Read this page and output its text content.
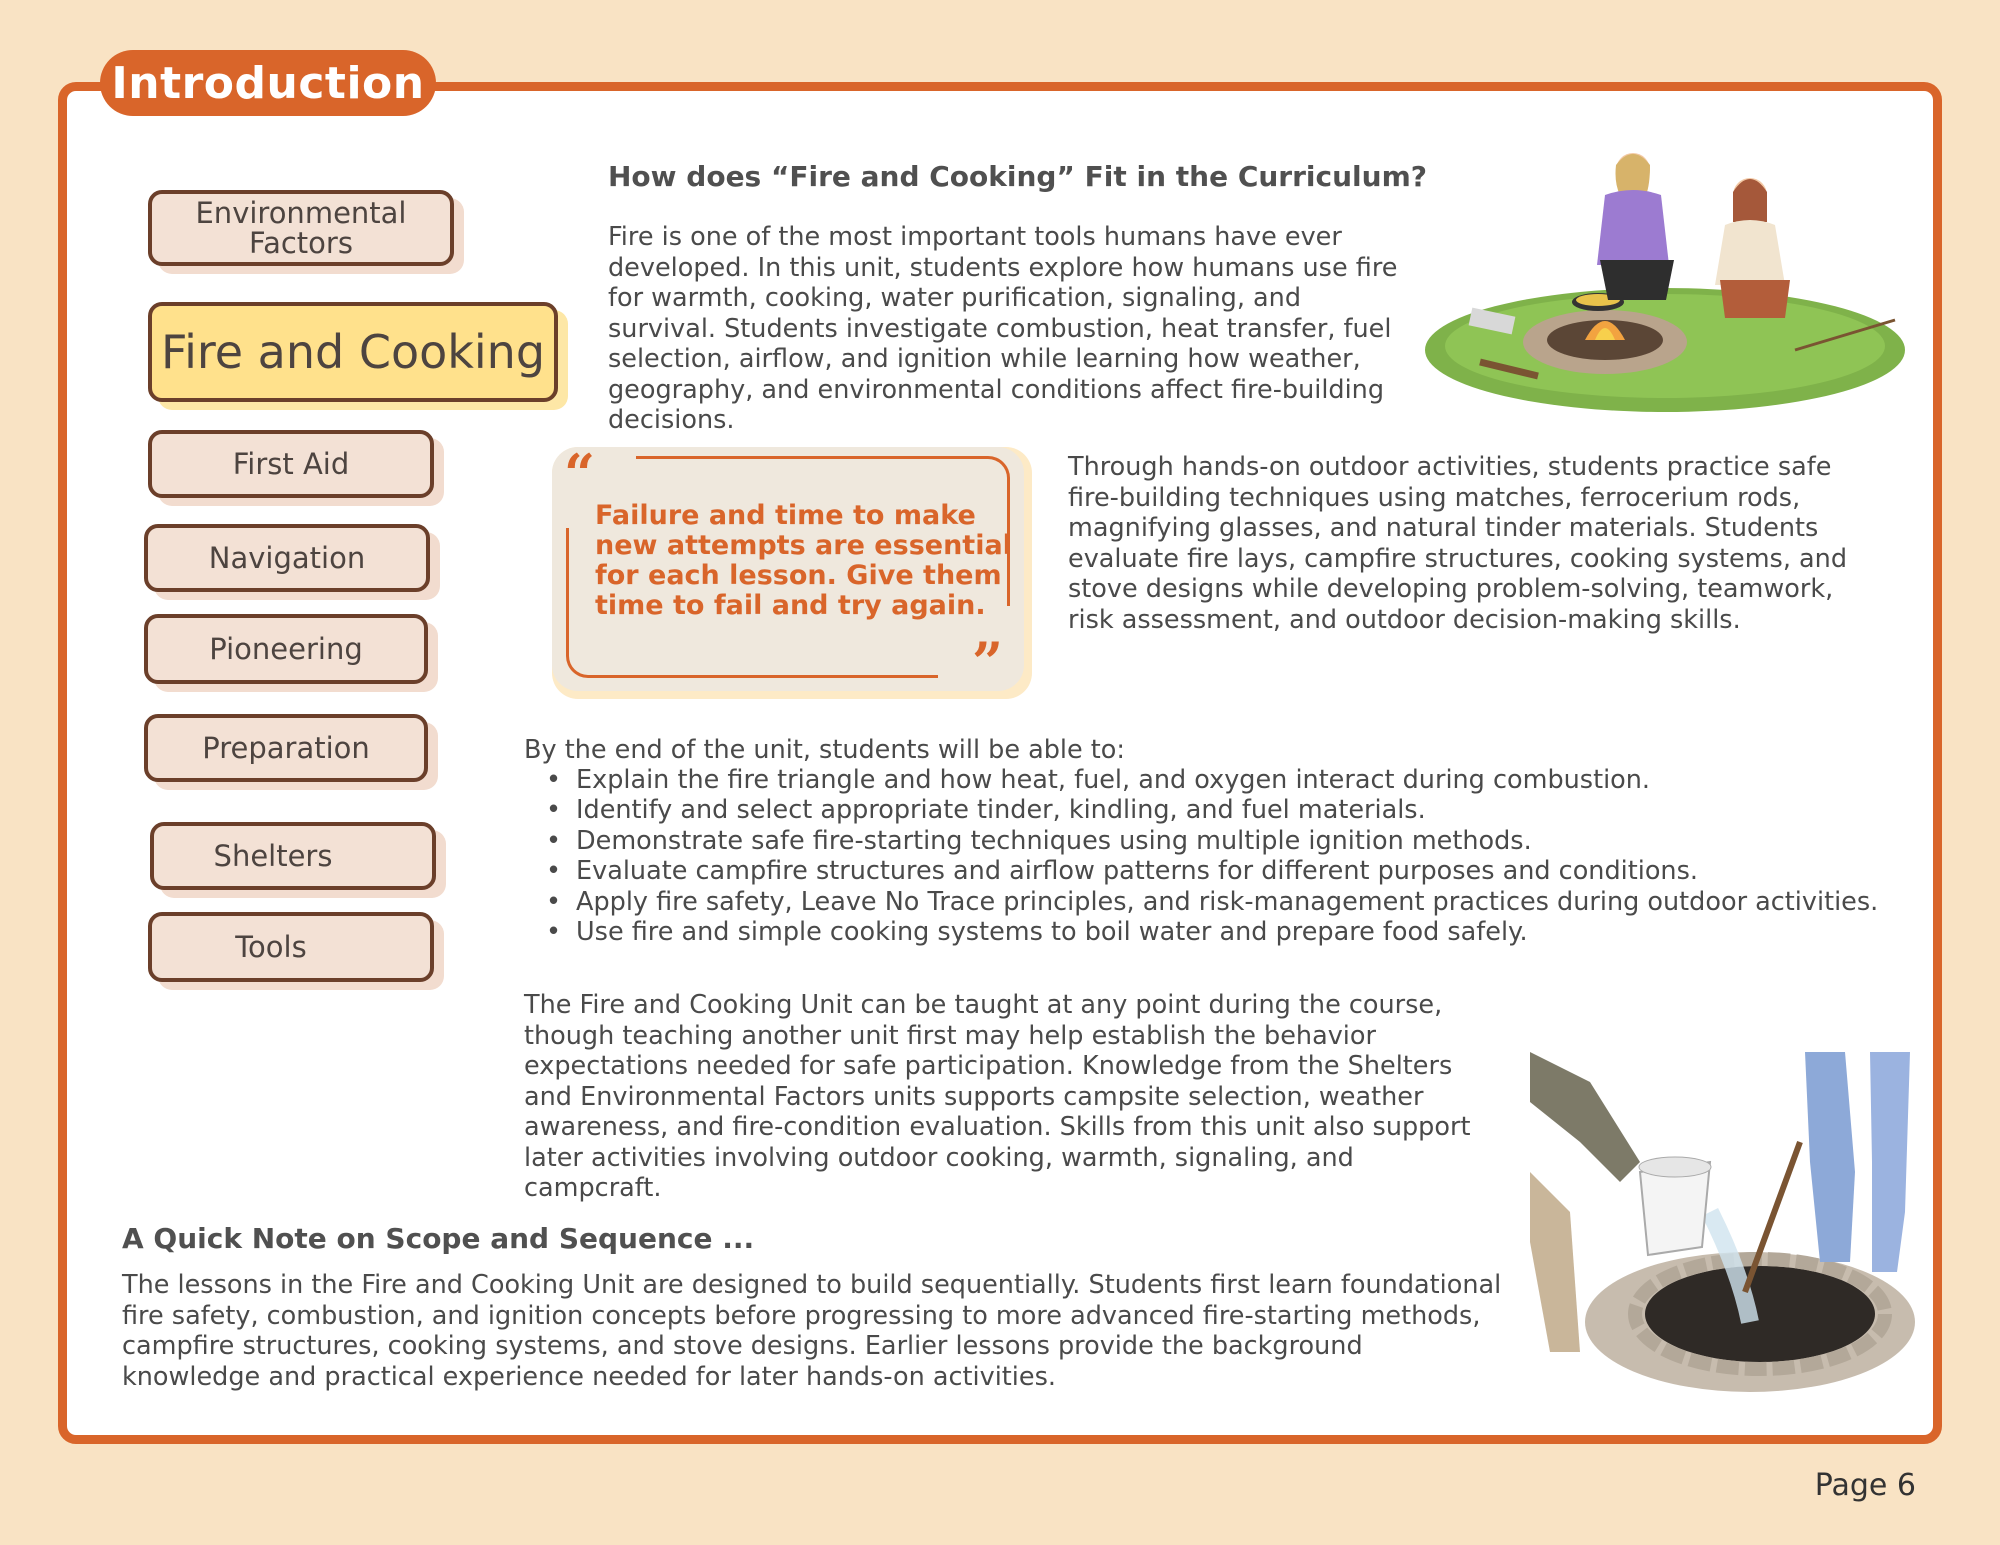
Introduction
Environmental
Factors
Fire and Cooking
First Aid
Navigation
Pioneering
Preparation
Shelters
Tools
How does “Fire and Cooking” Fit in the Curriculum?
Fire is one of the most important tools humans have ever developed. In this unit, students explore how humans use fire for warmth, cooking, water purification, signaling, and survival. Students investigate combustion, heat transfer, fuel selection, airflow, and ignition while learning how weather, geography, and environmental conditions affect fire-building decisions.
“
”
Failure and time to make new attempts are essential for each lesson. Give them time to fail and try again.
Through hands-on outdoor activities, students practice safe fire-building techniques using matches, ferrocerium rods, magnifying glasses, and natural tinder materials. Students evaluate fire lays, campfire structures, cooking systems, and stove designs while developing problem-solving, teamwork, risk assessment, and outdoor decision-making skills.
By the end of the unit, students will be able to:
• Explain the fire triangle and how heat, fuel, and oxygen interact during combustion.
• Identify and select appropriate tinder, kindling, and fuel materials.
• Demonstrate safe fire-starting techniques using multiple ignition methods.
• Evaluate campfire structures and airflow patterns for different purposes and conditions.
• Apply fire safety, Leave No Trace principles, and risk-management practices during outdoor activities.
• Use fire and simple cooking systems to boil water and prepare food safely.
The Fire and Cooking Unit can be taught at any point during the course, though teaching another unit first may help establish the behavior expectations needed for safe participation. Knowledge from the Shelters and Environmental Factors units supports campsite selection, weather awareness, and fire-condition evaluation. Skills from this unit also support later activities involving outdoor cooking, warmth, signaling, and campcraft.
A Quick Note on Scope and Sequence ...
The lessons in the Fire and Cooking Unit are designed to build sequentially. Students first learn foundational fire safety, combustion, and ignition concepts before progressing to more advanced fire-starting methods, campfire structures, cooking systems, and stove designs. Earlier lessons provide the background knowledge and practical experience needed for later hands-on activities.
Page 6
